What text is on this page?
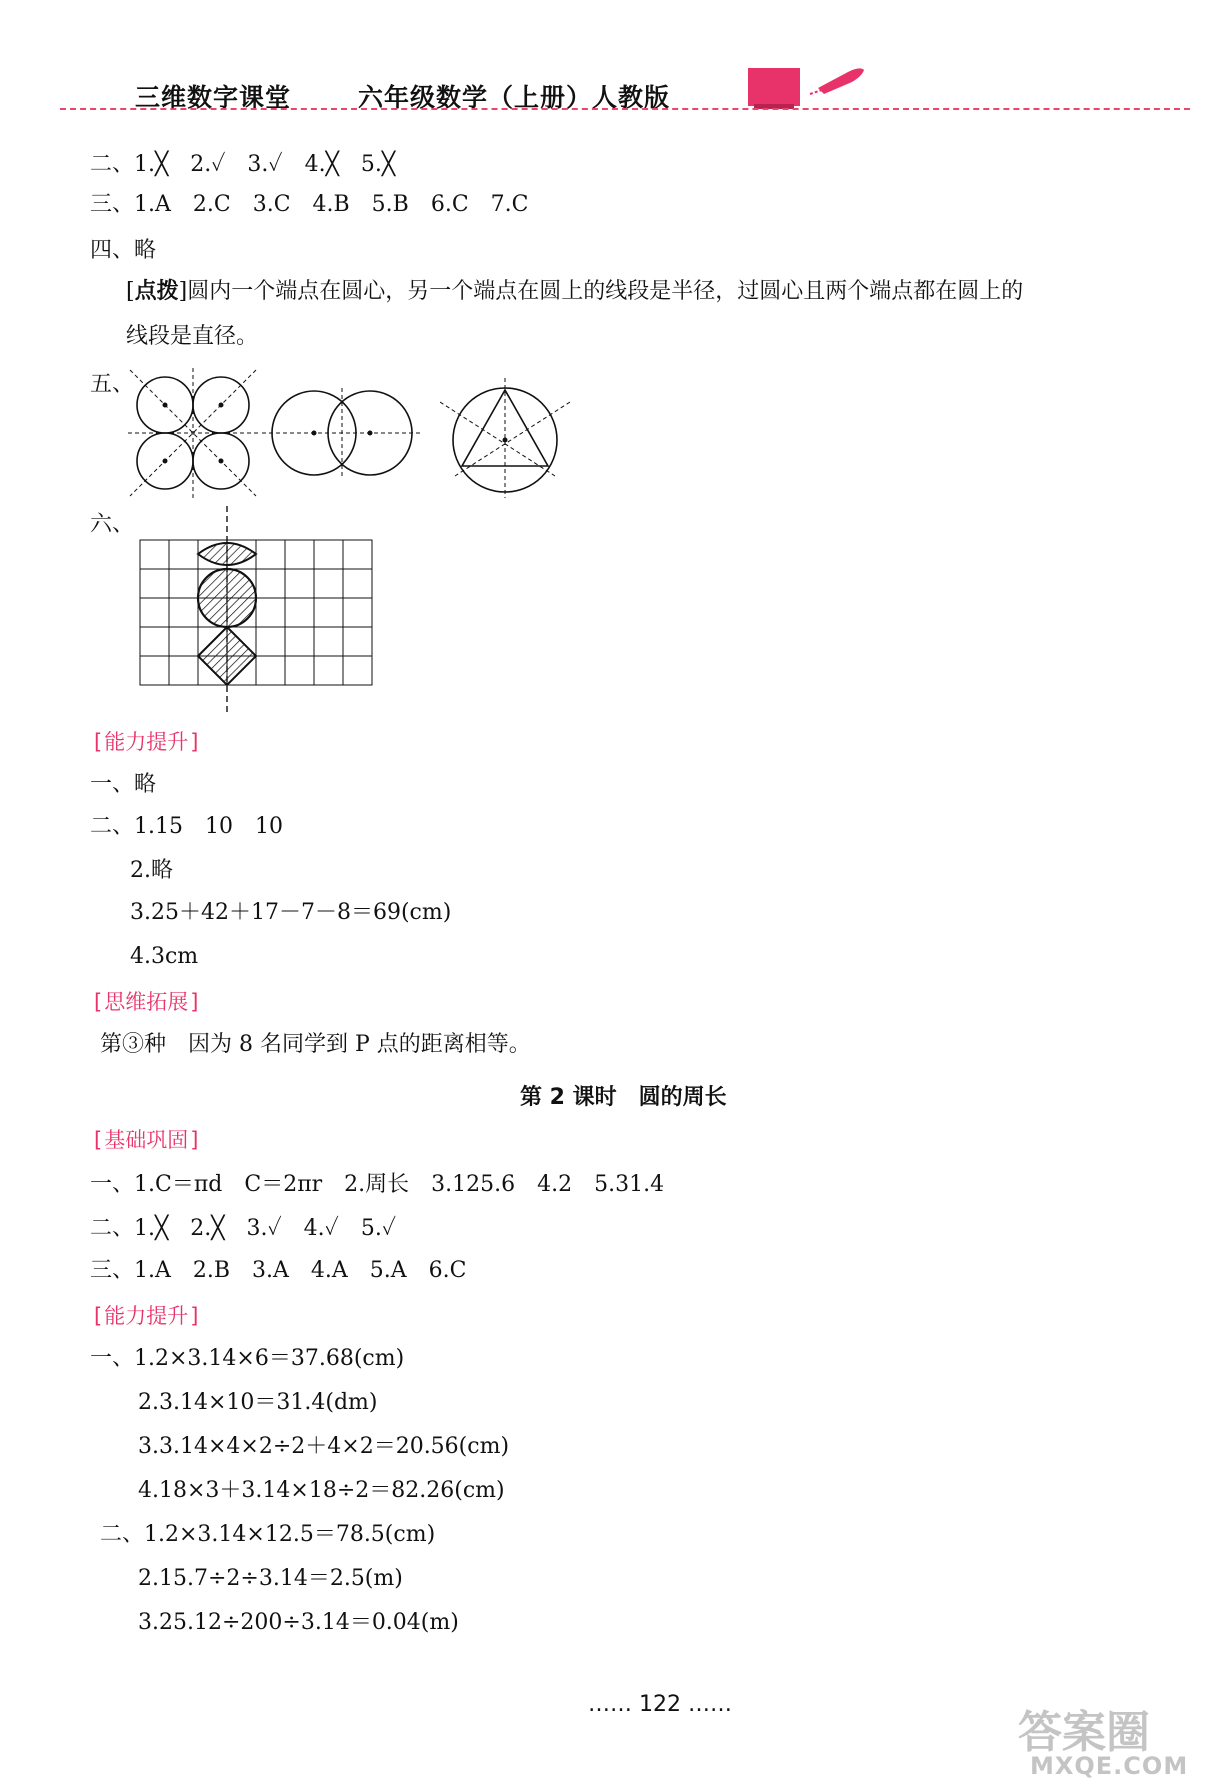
三维数字课堂	六年级数学（上册）人教版
二、1.╳　2.✓　3.✓　4.╳　5.╳
三、1.A　2.C　3.C　4.B　5.B　6.C　7.C
四、略
[点拨]圆内一个端点在圆心，另一个端点在圆上的线段是半径，过圆心且两个端点都在圆上的
线段是直径。
五、
六、
[ 能力提升 ]
一、略
二、1.15　10　10
2.略
3.25＋42＋17－7－8＝69(cm)
4.3cm
[ 思维拓展 ]
第③种　因为 8 名同学到 P 点的距离相等。
第 2 课时　圆的周长
[ 基础巩固 ]
一、1.C＝πd　C＝2πr　2.周长　3.125.6　4.2　5.31.4
二、1.╳　2.╳　3.✓　4.✓　5.✓
三、1.A　2.B　3.A　4.A　5.A　6.C
[ 能力提升 ]
一、1.2×3.14×6＝37.68(cm)
2.3.14×10＝31.4(dm)
3.3.14×4×2÷2＋4×2＝20.56(cm)
4.18×3＋3.14×18÷2＝82.26(cm)
二、1.2×3.14×12.5＝78.5(cm)
2.15.7÷2÷3.14＝2.5(m)
3.25.12÷200÷3.14＝0.04(m)
…… 122 ……
答案圈
MXQE.COM
